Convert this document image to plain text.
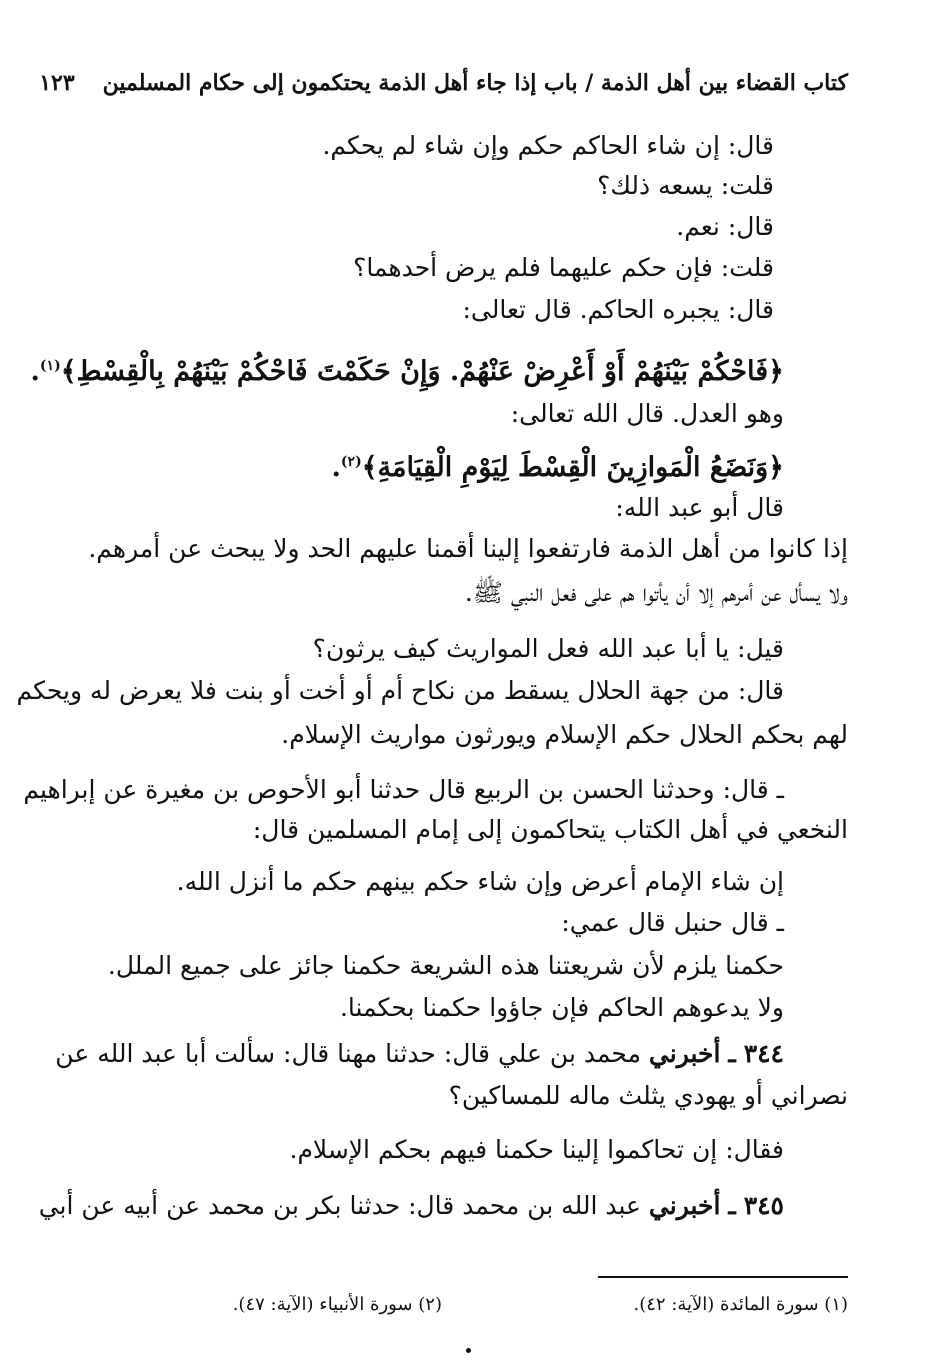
كتاب القضاء بين أهل الذمة / باب إذا جاء أهل الذمة يحتكمون إلى حكام المسلمين
١٢٣
قال: إن شاء الحاكم حكم وإن شاء لم يحكم.
قلت: يسعه ذلك؟
قال: نعم.
قلت: فإن حكم عليهما فلم يرض أحدهما؟
قال: يجبره الحاكم. قال تعالى:
﴿فَاحْكُمْ بَيْنَهُمْ أَوْ أَعْرِضْ عَنْهُمْ. وَإِنْ حَكَمْتَ فَاحْكُمْ بَيْنَهُمْ بِالْقِسْطِ﴾$^{(١)}$.
وهو العدل. قال الله تعالى:
﴿وَنَضَعُ الْمَوازِينَ الْقِسْطَ لِيَوْمِ الْقِيَامَةِ﴾$^{(٢)}$.
قال أبو عبد الله:
إذا كانوا من أهل الذمة فارتفعوا إلينا أقمنا عليهم الحد ولا يبحث عن أمرهم.
ولا يسأل عن أمرهم إلا أن يأتوا هم على فعل النبي ﷺ.
قيل: يا أبا عبد الله فعل المواريث كيف يرثون؟
قال: من جهة الحلال يسقط من نكاح أم أو أخت أو بنت فلا يعرض له ويحكم
لهم بحكم الحلال حكم الإسلام ويورثون مواريث الإسلام.
ـ قال: وحدثنا الحسن بن الربيع قال حدثنا أبو الأحوص بن مغيرة عن إبراهيم
النخعي في أهل الكتاب يتحاكمون إلى إمام المسلمين قال:
إن شاء الإمام أعرض وإن شاء حكم بينهم حكم ما أنزل الله.
ـ قال حنبل قال عمي:
حكمنا يلزم لأن شريعتنا هذه الشريعة حكمنا جائز على جميع الملل.
ولا يدعوهم الحاكم فإن جاؤوا حكمنا بحكمنا.
٣٤٤ ـ أخبرني محمد بن علي قال: حدثنا مهنا قال: سألت أبا عبد الله عن
نصراني أو يهودي يثلث ماله للمساكين؟
فقال: إن تحاكموا إلينا حكمنا فيهم بحكم الإسلام.
٣٤٥ ـ أخبرني عبد الله بن محمد قال: حدثنا بكر بن محمد عن أبيه عن أبي
(١) سورة المائدة (الآية: ٤٢).
(٢) سورة الأنبياء (الآية: ٤٧).
